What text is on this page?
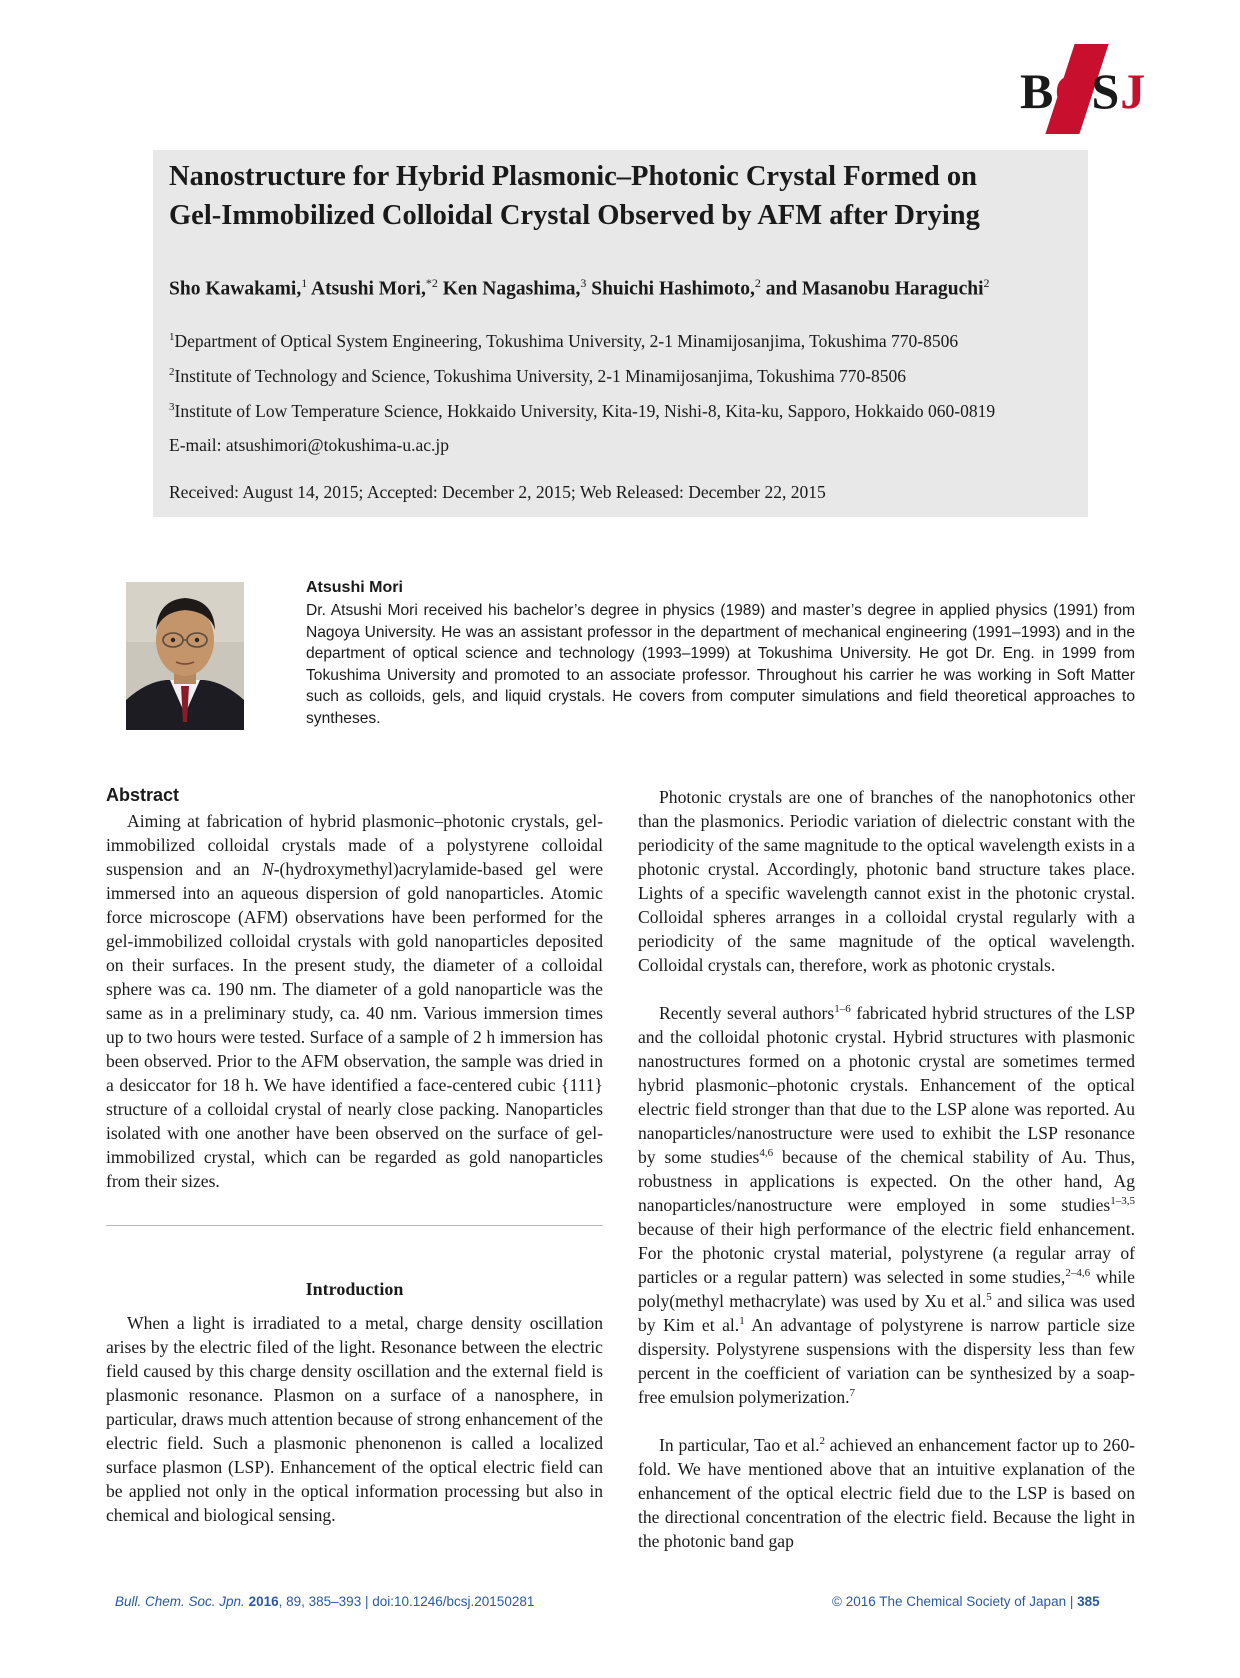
BCSJ
Nanostructure for Hybrid Plasmonic–Photonic Crystal Formed on
Gel-Immobilized Colloidal Crystal Observed by AFM after Drying
Sho Kawakami,$^1$ Atsushi Mori,$^{*2}$ Ken Nagashima,$^3$ Shuichi Hashimoto,$^2$ and Masanobu Haraguchi$^2$
$^1$Department of Optical System Engineering, Tokushima University, 2-1 Minamijosanjima, Tokushima 770-8506
$^2$Institute of Technology and Science, Tokushima University, 2-1 Minamijosanjima, Tokushima 770-8506
$^3$Institute of Low Temperature Science, Hokkaido University, Kita-19, Nishi-8, Kita-ku, Sapporo, Hokkaido 060-0819
E-mail: atsushimori@tokushima-u.ac.jp
Received: August 14, 2015; Accepted: December 2, 2015; Web Released: December 22, 2015
Atsushi Mori

Dr. Atsushi Mori received his bachelor’s degree in physics (1989) and master’s degree in applied physics (1991) from Nagoya University. He was an assistant professor in the department of mechanical engineering (1991–1993) and in the department of optical science and technology (1993–1999) at Tokushima University. He got Dr. Eng. in 1999 from Tokushima University and promoted to an associate professor. Throughout his carrier he was working in Soft Matter such as colloids, gels, and liquid crystals. He covers from computer simulations and field theoretical approaches to syntheses.

Abstract

Aiming at fabrication of hybrid plasmonic–photonic crystals, gel-immobilized colloidal crystals made of a polystyrene colloidal suspension and an N-(hydroxymethyl)acrylamide-based gel were immersed into an aqueous dispersion of gold nanoparticles. Atomic force microscope (AFM) observations have been performed for the gel-immobilized colloidal crystals with gold nanoparticles deposited on their surfaces. In the present study, the diameter of a colloidal sphere was ca. 190 nm. The diameter of a gold nanoparticle was the same as in a preliminary study, ca. 40 nm. Various immersion times up to two hours were tested. Surface of a sample of 2 h immersion has been observed. Prior to the AFM observation, the sample was dried in a desiccator for 18 h. We have identified a face-centered cubic {111} structure of a colloidal crystal of nearly close packing. Nanoparticles isolated with one another have been observed on the surface of gel-immobilized crystal, which can be regarded as gold nanoparticles from their sizes.

Introduction

When a light is irradiated to a metal, charge density oscillation arises by the electric filed of the light. Resonance between the electric field caused by this charge density oscillation and the external field is plasmonic resonance. Plasmon on a surface of a nanosphere, in particular, draws much attention because of strong enhancement of the electric field. Such a plasmonic phenonenon is called a localized surface plasmon (LSP). Enhancement of the optical electric field can be applied not only in the optical information processing but also in chemical and biological sensing.

Photonic crystals are one of branches of the nanophotonics other than the plasmonics. Periodic variation of dielectric constant with the periodicity of the same magnitude to the optical wavelength exists in a photonic crystal. Accordingly, photonic band structure takes place. Lights of a specific wavelength cannot exist in the photonic crystal. Colloidal spheres arranges in a colloidal crystal regularly with a periodicity of the same magnitude of the optical wavelength. Colloidal crystals can, therefore, work as photonic crystals.

Recently several authors$^{1-6}$ fabricated hybrid structures of the LSP and the colloidal photonic crystal. Hybrid structures with plasmonic nanostructures formed on a photonic crystal are sometimes termed hybrid plasmonic–photonic crystals. Enhancement of the optical electric field stronger than that due to the LSP alone was reported. Au nanoparticles/nanostructure were used to exhibit the LSP resonance by some studies$^{4,6}$ because of the chemical stability of Au. Thus, robustness in applications is expected. On the other hand, Ag nanoparticles/nanostructure were employed in some studies$^{1-3,5}$ because of their high performance of the electric field enhancement. For the photonic crystal material, polystyrene (a regular array of particles or a regular pattern) was selected in some studies,$^{2-4,6}$ while poly(methyl methacrylate) was used by Xu et al.$^5$ and silica was used by Kim et al.$^1$ An advantage of polystyrene is narrow particle size dispersity. Polystyrene suspensions with the dispersity less than few percent in the coefficient of variation can be synthesized by a soap-free emulsion polymerization.$^7$

In particular, Tao et al.$^2$ achieved an enhancement factor up to 260-fold. We have mentioned above that an intuitive explanation of the enhancement of the optical electric field due to the LSP is based on the directional concentration of the electric field. Because the light in the photonic band gap

Bull. Chem. Soc. Jpn. 2016, 89, 385–393 | doi:10.1246/bcsj.20150281	© 2016 The Chemical Society of Japan | 385
